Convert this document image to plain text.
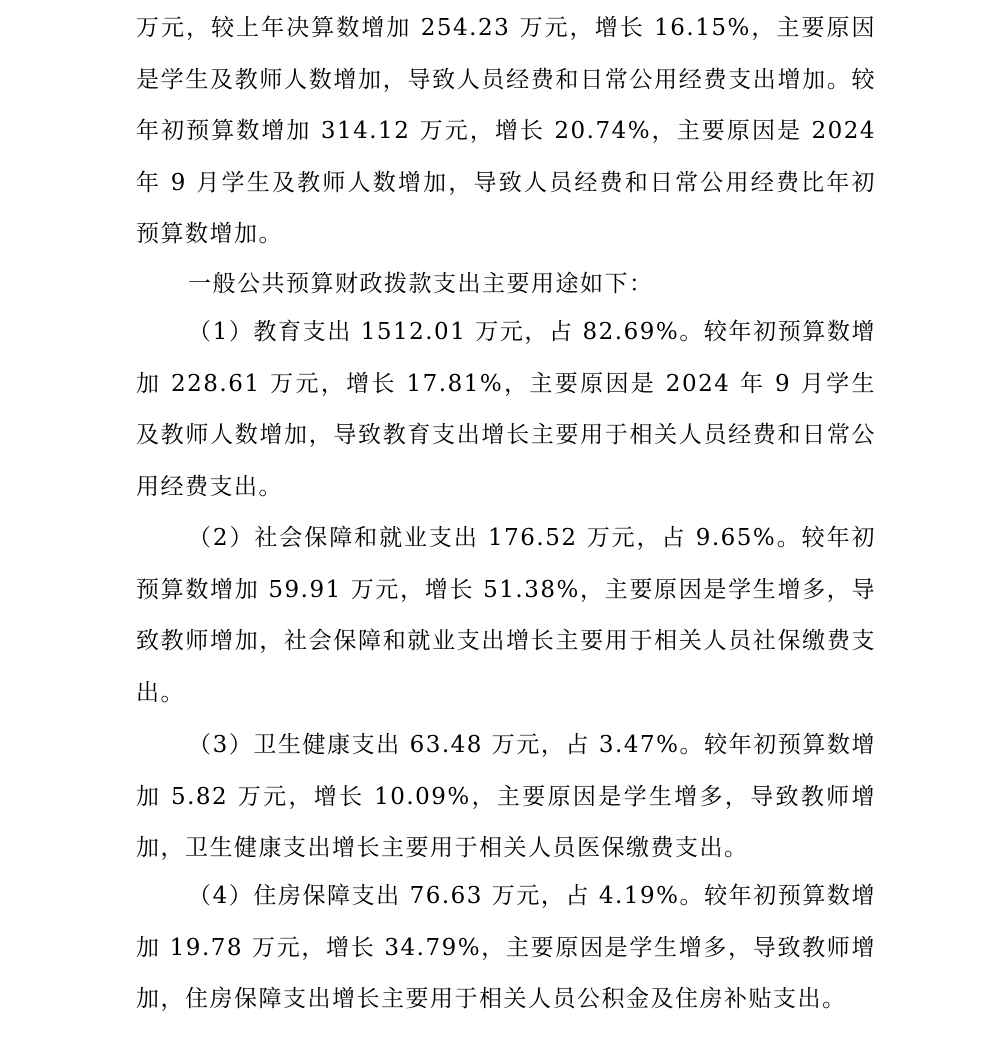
万元，较上年决算数增加 254.23 万元，增长 16.15%，主要原因是学生及教师人数增加，导致人员经费和日常公用经费支出增加。较年初预算数增加 314.12 万元，增长 20.74%，主要原因是 2024 年 9 月学生及教师人数增加，导致人员经费和日常公用经费比年初预算数增加。

一般公共预算财政拨款支出主要用途如下：

（1）教育支出 1512.01 万元，占 82.69%。较年初预算数增加 228.61 万元，增长 17.81%，主要原因是 2024 年 9 月学生及教师人数增加，导致教育支出增长主要用于相关人员经费和日常公用经费支出。

（2）社会保障和就业支出 176.52 万元，占 9.65%。较年初预算数增加 59.91 万元，增长 51.38%，主要原因是学生增多，导致教师增加，社会保障和就业支出增长主要用于相关人员社保缴费支出。

（3）卫生健康支出 63.48 万元，占 3.47%。较年初预算数增加 5.82 万元，增长 10.09%，主要原因是学生增多，导致教师增加，卫生健康支出增长主要用于相关人员医保缴费支出。

（4）住房保障支出 76.63 万元，占 4.19%。较年初预算数增加 19.78 万元，增长 34.79%，主要原因是学生增多，导致教师增加，住房保障支出增长主要用于相关人员公积金及住房补贴支出。
